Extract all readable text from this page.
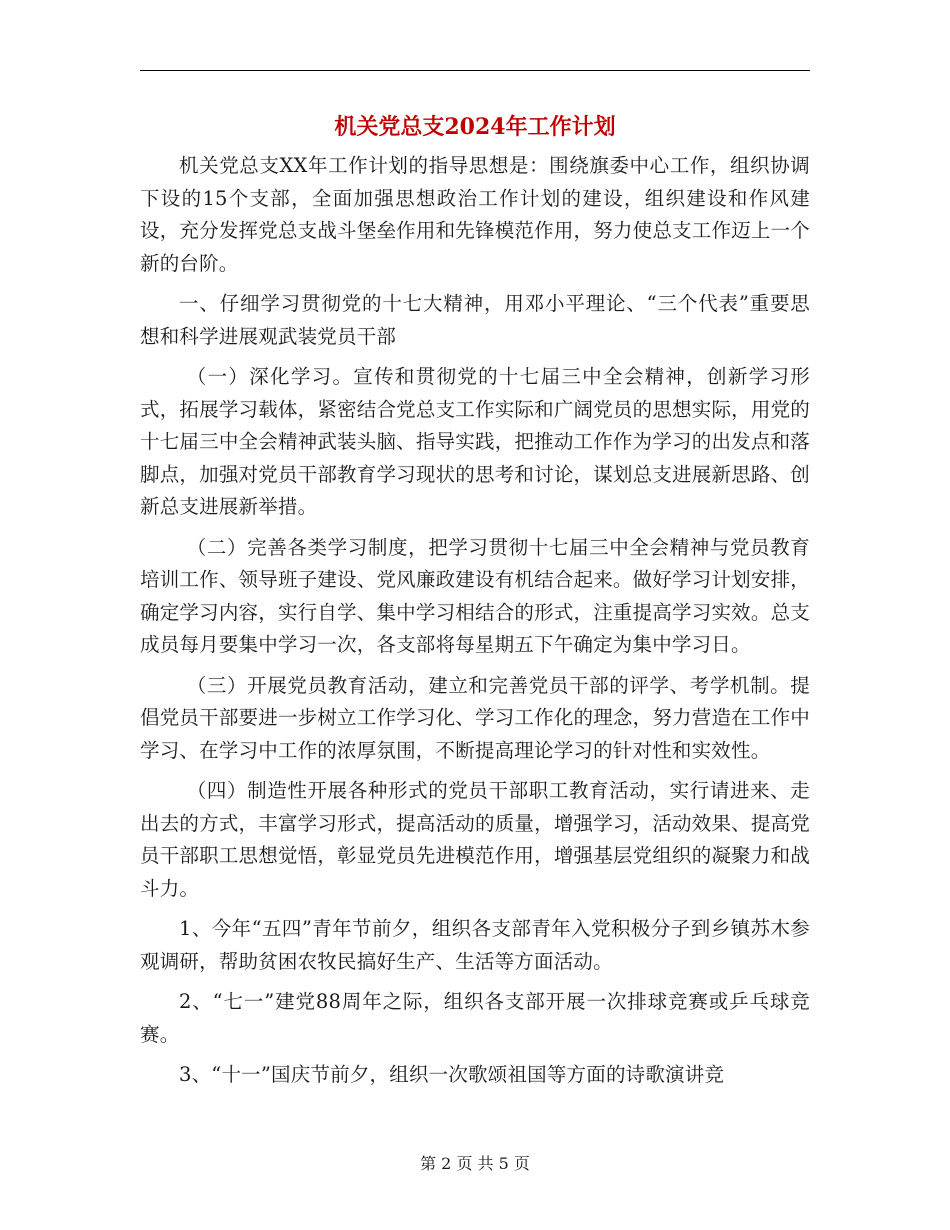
机关党总支2024年工作计划

机关党总支XX年工作计划的指导思想是：围绕旗委中心工作，组织协调下设的15个支部，全面加强思想政治工作计划的建设，组织建设和作风建设，充分发挥党总支战斗堡垒作用和先锋模范作用，努力使总支工作迈上一个新的台阶。

一、仔细学习贯彻党的十七大精神，用邓小平理论、“三个代表”重要思想和科学进展观武装党员干部

（一）深化学习。宣传和贯彻党的十七届三中全会精神，创新学习形式，拓展学习载体，紧密结合党总支工作实际和广阔党员的思想实际，用党的十七届三中全会精神武装头脑、指导实践，把推动工作作为学习的出发点和落脚点，加强对党员干部教育学习现状的思考和讨论，谋划总支进展新思路、创新总支进展新举措。

（二）完善各类学习制度，把学习贯彻十七届三中全会精神与党员教育培训工作、领导班子建设、党风廉政建设有机结合起来。做好学习计划安排，确定学习内容，实行自学、集中学习相结合的形式，注重提高学习实效。总支成员每月要集中学习一次，各支部将每星期五下午确定为集中学习日。

（三）开展党员教育活动，建立和完善党员干部的评学、考学机制。提倡党员干部要进一步树立工作学习化、学习工作化的理念，努力营造在工作中学习、在学习中工作的浓厚氛围，不断提高理论学习的针对性和实效性。

（四）制造性开展各种形式的党员干部职工教育活动，实行请进来、走出去的方式，丰富学习形式，提高活动的质量，增强学习，活动效果、提高党员干部职工思想觉悟，彰显党员先进模范作用，增强基层党组织的凝聚力和战斗力。

1、今年“五四”青年节前夕，组织各支部青年入党积极分子到乡镇苏木参观调研，帮助贫困农牧民搞好生产、生活等方面活动。

2、“七一”建党88周年之际，组织各支部开展一次排球竞赛或乒乓球竞赛。

3、“十一”国庆节前夕，组织一次歌颂祖国等方面的诗歌演讲竞

第 2 页 共 5 页
